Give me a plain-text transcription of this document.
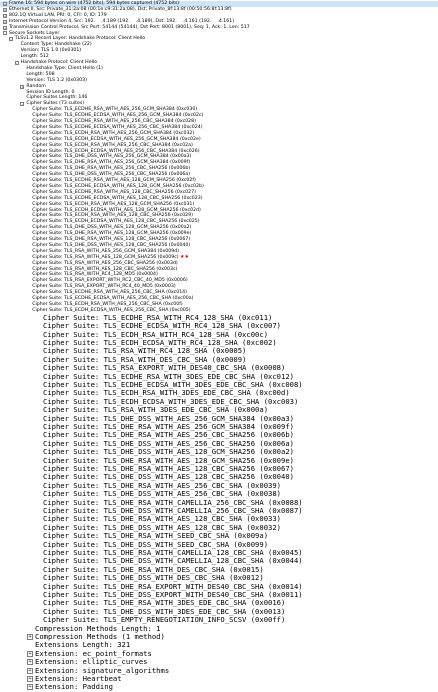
+ Frame 16: 594 bytes on wire (4752 bits), 594 bytes captured (4752 bits)
+ Ethernet II, Src: Private_31:2a:08 (00:1e:c9:31:2a:08), Dst: Private_8f:13:8f (00:50:56:8f:13:8f)
+ 802.1Q Virtual LAN, PRI: 0, CFI: 0, ID: 179
+ Internet Protocol Version 4, Src: 192.    .4.189 (192.    .4.189), Dst: 192.    .4.161 (192.    .4.161)
+ Transmission Control Protocol, Src Port: 54144 (54144), Dst Port: 8001 (8001), Seq: 1, Ack: 1, Len: 517
- Secure Sockets Layer
- TLSv1.2 Record Layer: Handshake Protocol: Client Hello
Content Type: Handshake (22)
Version: TLS 1.0 (0x0301)
Length: 512
- Handshake Protocol: Client Hello
Handshake Type: Client Hello (1)
Length: 508
Version: TLS 1.2 (0x0303)
+ Random
Session ID Length: 0
Cipher Suites Length: 146
- Cipher Suites (73 suites)
Cipher Suite: TLS_ECDHE_RSA_WITH_AES_256_GCM_SHA384 (0xc030)
Cipher Suite: TLS_ECDHE_ECDSA_WITH_AES_256_GCM_SHA384 (0xc02c)
Cipher Suite: TLS_ECDHE_RSA_WITH_AES_256_CBC_SHA384 (0xc028)
Cipher Suite: TLS_ECDHE_ECDSA_WITH_AES_256_CBC_SHA384 (0xc024)
Cipher Suite: TLS_ECDH_RSA_WITH_AES_256_GCM_SHA384 (0xc032)
Cipher Suite: TLS_ECDH_ECDSA_WITH_AES_256_GCM_SHA384 (0xc02e)
Cipher Suite: TLS_ECDH_RSA_WITH_AES_256_CBC_SHA384 (0xc02a)
Cipher Suite: TLS_ECDH_ECDSA_WITH_AES_256_CBC_SHA384 (0xc026)
Cipher Suite: TLS_DHE_DSS_WITH_AES_256_GCM_SHA384 (0x00a3)
Cipher Suite: TLS_DHE_RSA_WITH_AES_256_GCM_SHA384 (0x009f)
Cipher Suite: TLS_DHE_RSA_WITH_AES_256_CBC_SHA256 (0x006b)
Cipher Suite: TLS_DHE_DSS_WITH_AES_256_CBC_SHA256 (0x006a)
Cipher Suite: TLS_ECDHE_RSA_WITH_AES_128_GCM_SHA256 (0xc02f)
Cipher Suite: TLS_ECDHE_ECDSA_WITH_AES_128_GCM_SHA256 (0xc02b)
Cipher Suite: TLS_ECDHE_RSA_WITH_AES_128_CBC_SHA256 (0xc027)
Cipher Suite: TLS_ECDHE_ECDSA_WITH_AES_128_CBC_SHA256 (0xc023)
Cipher Suite: TLS_ECDH_RSA_WITH_AES_128_GCM_SHA256 (0xc031)
Cipher Suite: TLS_ECDH_ECDSA_WITH_AES_128_GCM_SHA256 (0xc02d)
Cipher Suite: TLS_ECDH_RSA_WITH_AES_128_CBC_SHA256 (0xc029)
Cipher Suite: TLS_ECDH_ECDSA_WITH_AES_128_CBC_SHA256 (0xc025)
Cipher Suite: TLS_DHE_DSS_WITH_AES_128_GCM_SHA256 (0x00a2)
Cipher Suite: TLS_DHE_RSA_WITH_AES_128_GCM_SHA256 (0x009e)
Cipher Suite: TLS_DHE_RSA_WITH_AES_128_CBC_SHA256 (0x0067)
Cipher Suite: TLS_DHE_DSS_WITH_AES_128_CBC_SHA256 (0x0040)
Cipher Suite: TLS_RSA_WITH_AES_256_GCM_SHA384 (0x009d)
Cipher Suite: TLS_RSA_WITH_AES_128_GCM_SHA256 (0x009c) ★★
Cipher Suite: TLS_RSA_WITH_AES_256_CBC_SHA256 (0x003d)
Cipher Suite: TLS_RSA_WITH_AES_128_CBC_SHA256 (0x003c)
Cipher Suite: TLS_RSA_WITH_RC4_128_MD5 (0x0004)
Cipher Suite: TLS_RSA_EXPORT_WITH_RC2_CBC_40_MD5 (0x0006)
Cipher Suite: TLS_RSA_EXPORT_WITH_RC4_40_MD5 (0x0003)
Cipher Suite: TLS_ECDHE_RSA_WITH_AES_256_CBC_SHA (0xc014)
Cipher Suite: TLS_ECDHE_ECDSA_WITH_AES_256_CBC_SHA (0xc00a)
Cipher Suite: TLS_ECDH_RSA_WITH_AES_256_CBC_SHA (0xc00f)
Cipher Suite: TLS_ECDH_ECDSA_WITH_AES_256_CBC_SHA (0xc005)
Cipher Suite: TLS_ECDHE_RSA_WITH_RC4_128_SHA (0xc011)
Cipher Suite: TLS_ECDHE_ECDSA_WITH_RC4_128_SHA (0xc007)
Cipher Suite: TLS_ECDH_RSA_WITH_RC4_128_SHA (0xc00c)
Cipher Suite: TLS_ECDH_ECDSA_WITH_RC4_128_SHA (0xc002)
Cipher Suite: TLS_RSA_WITH_RC4_128_SHA (0x0005)
Cipher Suite: TLS_RSA_WITH_DES_CBC_SHA (0x0009)
Cipher Suite: TLS_RSA_EXPORT_WITH_DES40_CBC_SHA (0x0008)
Cipher Suite: TLS_ECDHE_RSA_WITH_3DES_EDE_CBC_SHA (0xc012)
Cipher Suite: TLS_ECDHE_ECDSA_WITH_3DES_EDE_CBC_SHA (0xc008)
Cipher Suite: TLS_ECDH_RSA_WITH_3DES_EDE_CBC_SHA (0xc00d)
Cipher Suite: TLS_ECDH_ECDSA_WITH_3DES_EDE_CBC_SHA (0xc003)
Cipher Suite: TLS_RSA_WITH_3DES_EDE_CBC_SHA (0x000a)
Cipher Suite: TLS_DHE_DSS_WITH_AES_256_GCM_SHA384 (0x00a3)
Cipher Suite: TLS_DHE_RSA_WITH_AES_256_GCM_SHA384 (0x009f)
Cipher Suite: TLS_DHE_RSA_WITH_AES_256_CBC_SHA256 (0x006b)
Cipher Suite: TLS_DHE_DSS_WITH_AES_256_CBC_SHA256 (0x006a)
Cipher Suite: TLS_DHE_DSS_WITH_AES_128_GCM_SHA256 (0x00a2)
Cipher Suite: TLS_DHE_RSA_WITH_AES_128_GCM_SHA256 (0x009e)
Cipher Suite: TLS_DHE_RSA_WITH_AES_128_CBC_SHA256 (0x0067)
Cipher Suite: TLS_DHE_DSS_WITH_AES_128_CBC_SHA256 (0x0040)
Cipher Suite: TLS_DHE_RSA_WITH_AES_256_CBC_SHA (0x0039)
Cipher Suite: TLS_DHE_DSS_WITH_AES_256_CBC_SHA (0x0038)
Cipher Suite: TLS_DHE_RSA_WITH_CAMELLIA_256_CBC_SHA (0x0088)
Cipher Suite: TLS_DHE_DSS_WITH_CAMELLIA_256_CBC_SHA (0x0087)
Cipher Suite: TLS_DHE_RSA_WITH_AES_128_CBC_SHA (0x0033)
Cipher Suite: TLS_DHE_DSS_WITH_AES_128_CBC_SHA (0x0032)
Cipher Suite: TLS_DHE_RSA_WITH_SEED_CBC_SHA (0x009a)
Cipher Suite: TLS_DHE_DSS_WITH_SEED_CBC_SHA (0x0099)
Cipher Suite: TLS_DHE_RSA_WITH_CAMELLIA_128_CBC_SHA (0x0045)
Cipher Suite: TLS_DHE_DSS_WITH_CAMELLIA_128_CBC_SHA (0x0044)
Cipher Suite: TLS_DHE_RSA_WITH_DES_CBC_SHA (0x0015)
Cipher Suite: TLS_DHE_DSS_WITH_DES_CBC_SHA (0x0012)
Cipher Suite: TLS_DHE_RSA_EXPORT_WITH_DES40_CBC_SHA (0x0014)
Cipher Suite: TLS_DHE_DSS_EXPORT_WITH_DES40_CBC_SHA (0x0011)
Cipher Suite: TLS_DHE_RSA_WITH_3DES_EDE_CBC_SHA (0x0016)
Cipher Suite: TLS_DHE_DSS_WITH_3DES_EDE_CBC_SHA (0x0013)
Cipher Suite: TLS_EMPTY_RENEGOTIATION_INFO_SCSV (0x00ff)
Compression Methods Length: 1
+ Compression Methods (1 method)
Extensions Length: 321
+ Extension: ec_point_formats
+ Extension: elliptic_curves
+ Extension: signature_algorithms
+ Extension: Heartbeat
+ Extension: Padding
